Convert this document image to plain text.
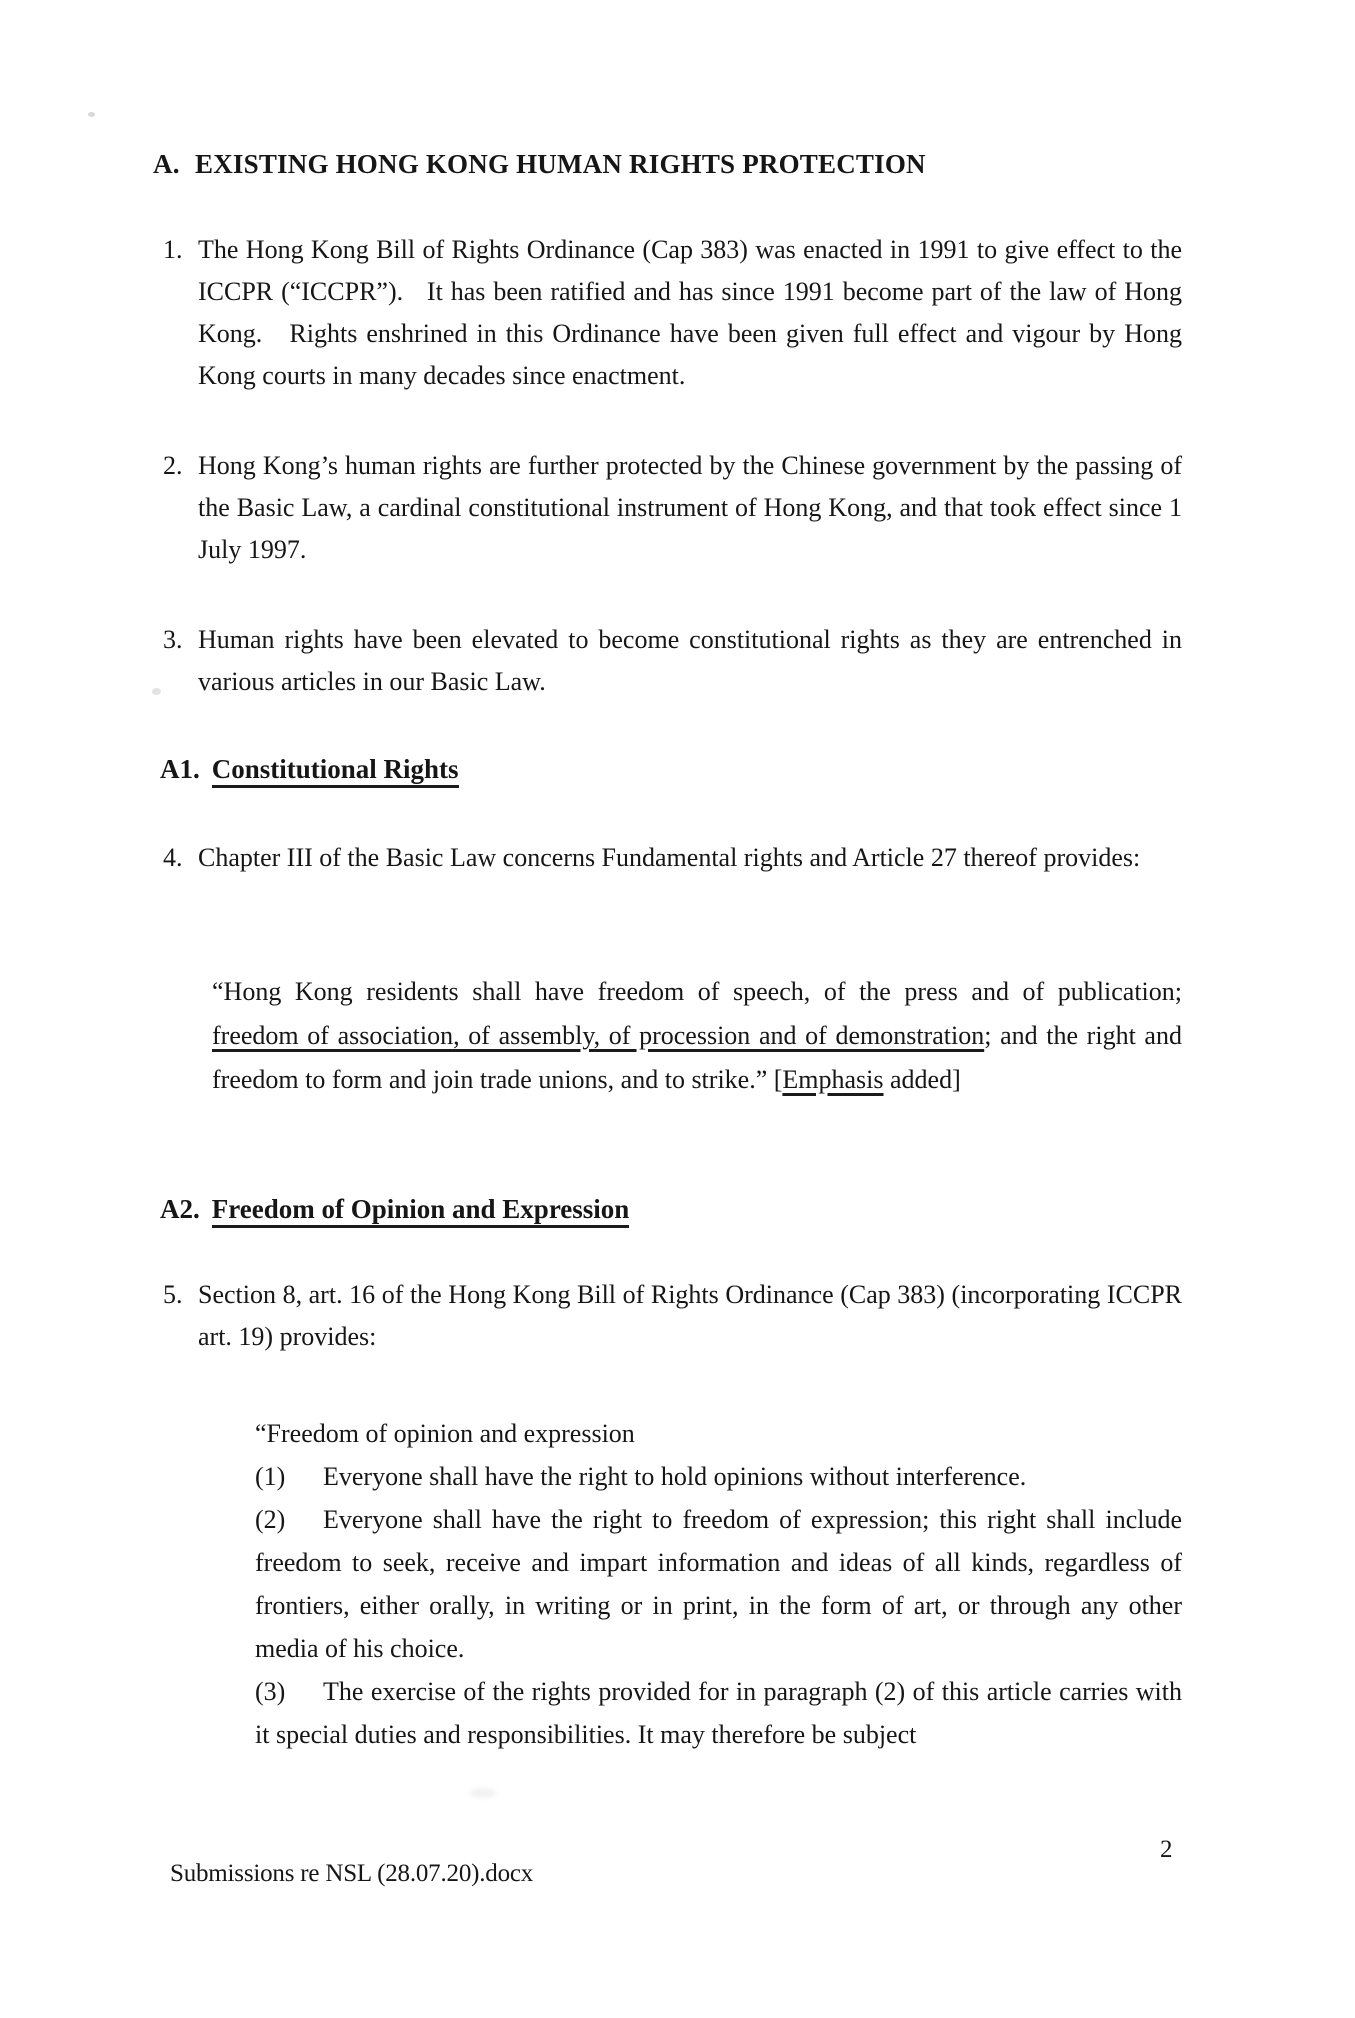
A. EXISTING HONG KONG HUMAN RIGHTS PROTECTION
1. The Hong Kong Bill of Rights Ordinance (Cap 383) was enacted in 1991 to give effect to the ICCPR (“ICCPR”).   It has been ratified and has since 1991 become part of the law of Hong Kong.   Rights enshrined in this Ordinance have been given full effect and vigour by Hong Kong courts in many decades since enactment.
2. Hong Kong’s human rights are further protected by the Chinese government by the passing of the Basic Law, a cardinal constitutional instrument of Hong Kong, and that took effect since 1 July 1997.
3. Human rights have been elevated to become constitutional rights as they are entrenched in various articles in our Basic Law.
A1. Constitutional Rights
4. Chapter III of the Basic Law concerns Fundamental rights and Article 27 thereof provides:
“Hong Kong residents shall have freedom of speech, of the press and of publication; freedom of association, of assembly, of procession and of demonstration; and the right and freedom to form and join trade unions, and to strike.” [Emphasis added]
A2. Freedom of Opinion and Expression
5. Section 8, art. 16 of the Hong Kong Bill of Rights Ordinance (Cap 383) (incorporating ICCPR art. 19) provides:

“Freedom of opinion and expression

(1) Everyone shall have the right to hold opinions without interference.

(2) Everyone shall have the right to freedom of expression; this right shall include freedom to seek, receive and impart information and ideas of all kinds, regardless of frontiers, either orally, in writing or in print, in the form of art, or through any other media of his choice.

(3) The exercise of the rights provided for in paragraph (2) of this article carries with it special duties and responsibilities. It may therefore be subject

2
Submissions re NSL (28.07.20).docx
